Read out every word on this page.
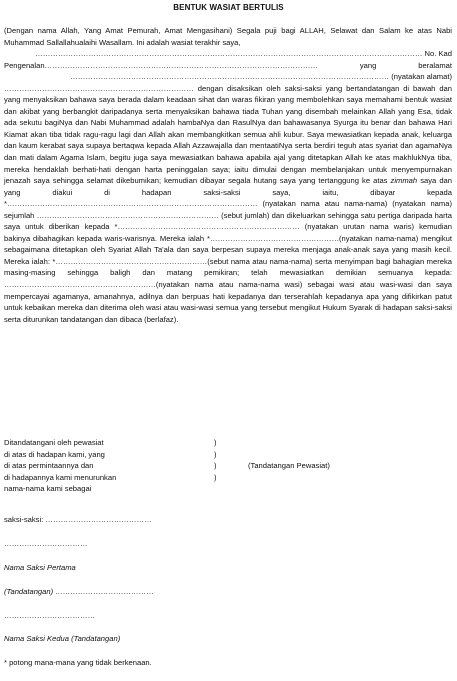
BENTUK WASIAT BERTULIS

(Dengan nama Allah, Yang Amat Pemurah, Amat Mengasihani) Segala puji bagi ALLAH, Selawat dan Salam ke atas Nabi Muhammad Sallallahualaihi Wasallam. Ini adalah wasiat terakhir saya,

……………………………………………………………………………………………………………………………………… No. Kad

Pengenalan……………………………………………………………………………………………… yang beralamat

……………………………………………………………………………………………………………… (nyatakan alamat)

………………………………………………………………… dengan disaksikan oleh saksi-saksi yang bertandatangan di bawah dan yang menyaksikan bahawa saya berada dalam keadaan sihat dan waras fikiran yang membolehkan saya memahami bentuk wasiat dan akibat yang berbangkit daripadanya serta menyaksikan bahawa tiada Tuhan yang disembah melainkan Allah yang Esa, tidak ada sekutu bagiNya dan Nabi Muhammad adalah hambaNya dan RasulNya dan bahawasanya Syurga itu benar dan bahawa Hari Kiamat akan tiba tidak ragu-ragu lagi dan Allah akan membangkitkan semua ahli kubur. Saya mewasiatkan kepada anak, keluarga dan kaum kerabat saya supaya bertaqwa kepada Allah Azzawajalla dan mentaatiNya serta berdiri teguh atas syariat dan agamaNya dan mati dalam Agama Islam, begitu juga saya mewasiatkan bahawa apabila ajal yang ditetapkan Allah ke atas makhlukNya tiba, mereka hendaklah berhati-hati dengan harta peninggalan saya; iaitu dimulai dengan membelanjakan untuk menyempurnakan jenazah saya sehingga selamat dikebumikan; kemudian dibayar segala hutang saya yang tertanggung ke atas zimmah saya dan yang diakui di hadapan saksi-saksi saya, iaitu, dibayar kepada *……………………………………………………………………………………… (nyatakan nama atau nama-nama) (nyatakan nama) sejumlah ……………………………………………………………… (sebut jumlah) dan dikeluarkan sehingga satu pertiga daripada harta saya untuk diberikan kepada *……………………………………………………………… (nyatakan urutan nama waris) kemudian bakinya dibahagikan kepada waris-warisnya. Mereka ialah *……………………………………………(nyatakan nama-nama) mengikut sebagaimana ditetapkan oleh Syariat Allah Ta'ala dan saya berpesan supaya mereka menjaga anak-anak saya yang masih kecil. Mereka ialah: *……………………………………………………(sebut nama atau nama-nama) serta menyimpan bagi bahagian mereka masing-masing sehingga baligh dan matang pemikiran; telah mewasiatkan demikian semuanya kepada: ……………………………………………………(nyatakan nama atau nama-nama wasi) sebagai wasi atau wasi-wasi dan saya mempercayai agamanya, amanahnya, adilnya dan berpuas hati kepadanya dan terserahlah kepadanya apa yang difikirkan patut untuk kebaikan mereka dan diterima oleh wasi atau wasi-wasi semua yang tersebut mengikut Hukum Syarak di hadapan saksi-saksi serta diturunkan tandatangan dan dibaca (berlafaz).

Ditandatangani oleh pewasiat	)
di atas di hadapan kami, yang	)
di atas permintaannya dan	)	(Tandatangan Pewasiat)
di hadapannya kami menurunkan	)
nama-nama kami sebagai
saksi-saksi: ……………………………………
……………………………
Nama Saksi Pertama
(Tandatangan) …………………………………
………………………………
Nama Saksi Kedua (Tandatangan)
* potong mana-mana yang tidak berkenaan.
